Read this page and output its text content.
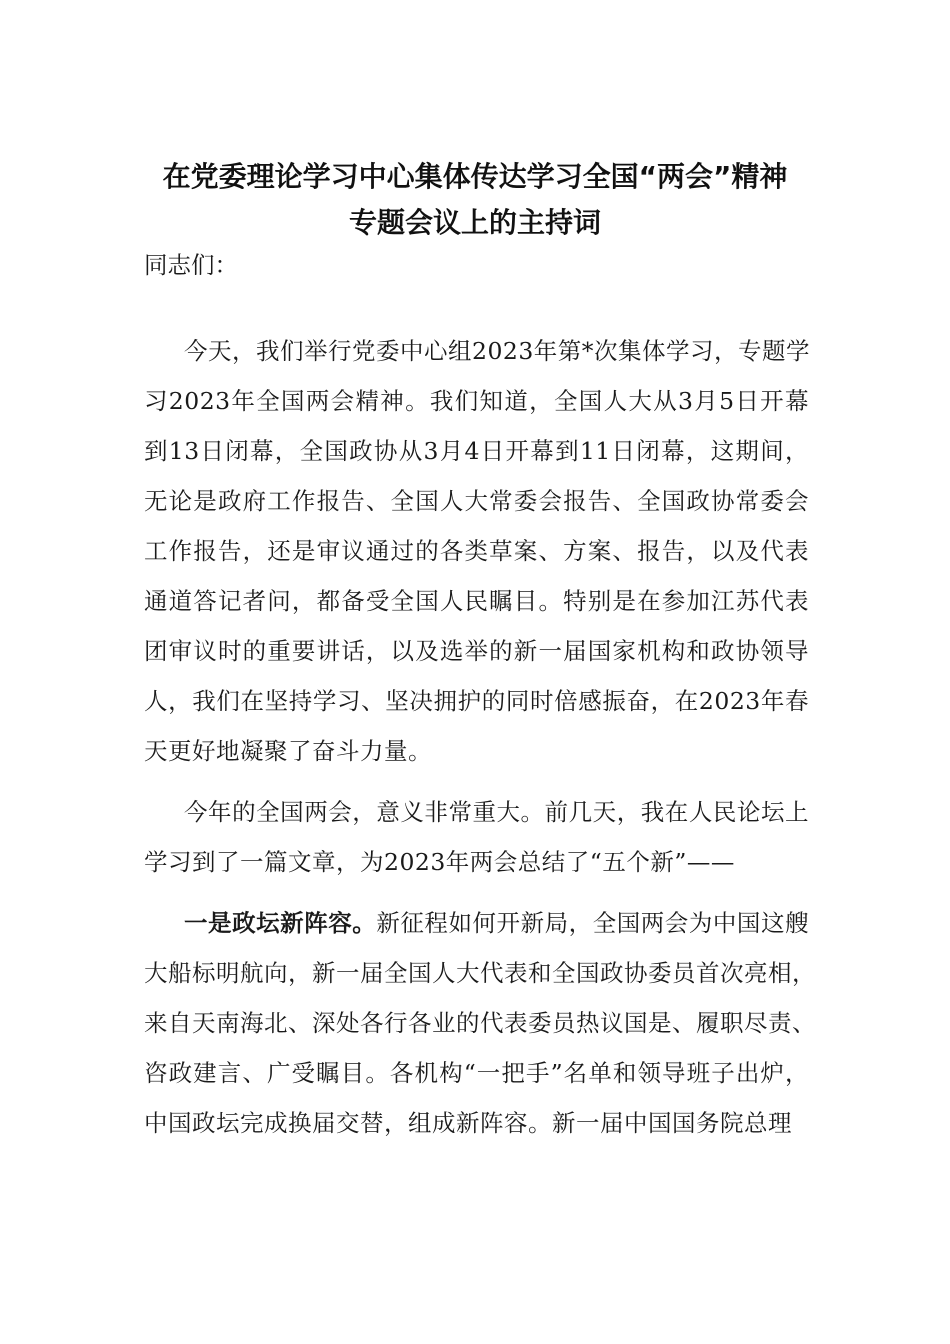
在党委理论学习中心集体传达学习全国“两会”精神
专题会议上的主持词
同志们：
今天，我们举行党委中心组2023年第*次集体学习，专题学
习2023年全国两会精神。我们知道，全国人大从3月5日开幕
到13日闭幕，全国政协从3月4日开幕到11日闭幕，这期间，
无论是政府工作报告、全国人大常委会报告、全国政协常委会
工作报告，还是审议通过的各类草案、方案、报告，以及代表
通道答记者问，都备受全国人民瞩目。特别是在参加江苏代表
团审议时的重要讲话，以及选举的新一届国家机构和政协领导
人，我们在坚持学习、坚决拥护的同时倍感振奋，在2023年春
天更好地凝聚了奋斗力量。
今年的全国两会，意义非常重大。前几天，我在人民论坛上
学习到了一篇文章，为2023年两会总结了“五个新”——
一是政坛新阵容。新征程如何开新局，全国两会为中国这艘
大船标明航向，新一届全国人大代表和全国政协委员首次亮相，
来自天南海北、深处各行各业的代表委员热议国是、履职尽责、
咨政建言、广受瞩目。各机构“一把手”名单和领导班子出炉，
中国政坛完成换届交替，组成新阵容。新一届中国国务院总理
